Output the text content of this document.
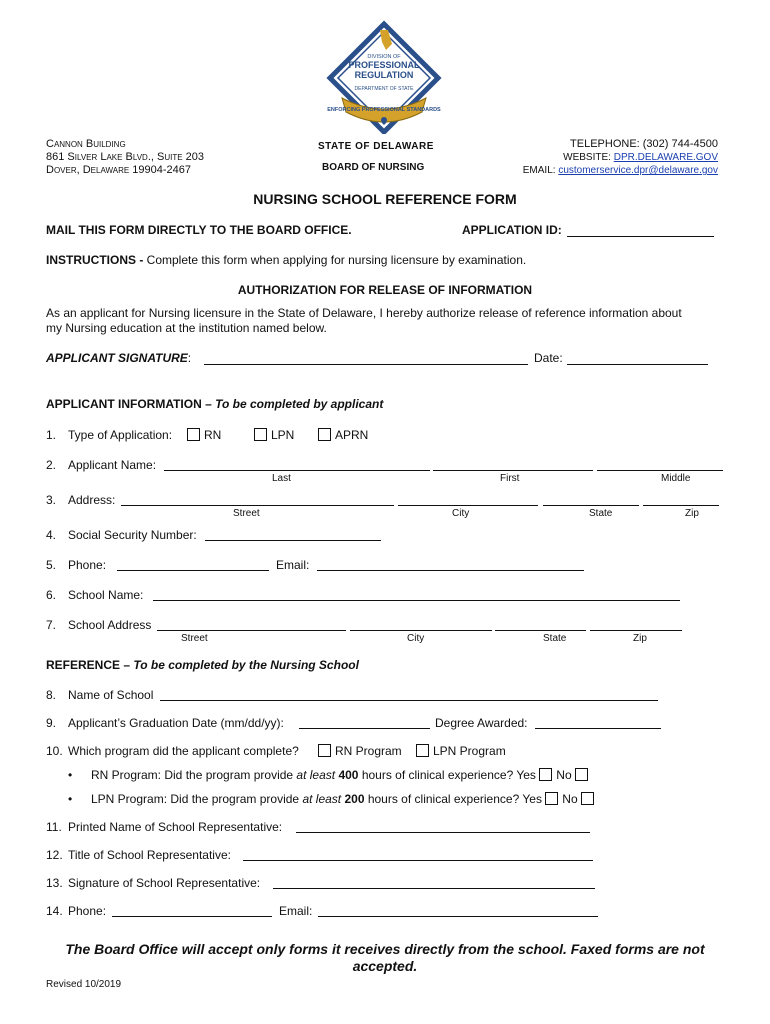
DIVISION OF
PROFESSIONAL
REGULATION
DEPARTMENT OF STATE
ENFORCING PROFESSIONAL STANDARDS
Cannon Building
861 Silver Lake Blvd., Suite 203
Dover, Delaware 19904-2467
STATE OF DELAWARE
BOARD OF NURSING
TELEPHONE: (302) 744-4500
WEBSITE: DPR.DELAWARE.GOV
EMAIL: customerservice.dpr@delaware.gov
NURSING SCHOOL REFERENCE FORM
MAIL THIS FORM DIRECTLY TO THE BOARD OFFICE.	APPLICATION ID:
INSTRUCTIONS - Complete this form when applying for nursing licensure by examination.
AUTHORIZATION FOR RELEASE OF INFORMATION
As an applicant for Nursing licensure in the State of Delaware, I hereby authorize release of reference information about
my Nursing education at the institution named below.
APPLICANT SIGNATURE:	Date:
APPLICANT INFORMATION – To be completed by applicant
1. Type of Application:	RN	LPN	APRN
2. Applicant Name:
Last	First	Middle
3. Address:
Street	City	State	Zip
4. Social Security Number:
5. Phone:	Email:
6. School Name:
7. School Address
Street	City	State	Zip
REFERENCE – To be completed by the Nursing School
8. Name of School
9. Applicant’s Graduation Date (mm/dd/yy):	Degree Awarded:
10. Which program did the applicant complete?	RN Program	LPN Program
• RN Program: Did the program provide at least 400 hours of clinical experience? Yes No
• LPN Program: Did the program provide at least 200 hours of clinical experience? Yes No
11. Printed Name of School Representative:
12. Title of School Representative:
13. Signature of School Representative:
14. Phone:	Email:
The Board Office will accept only forms it receives directly from the school. Faxed forms are not
accepted.
Revised 10/2019
